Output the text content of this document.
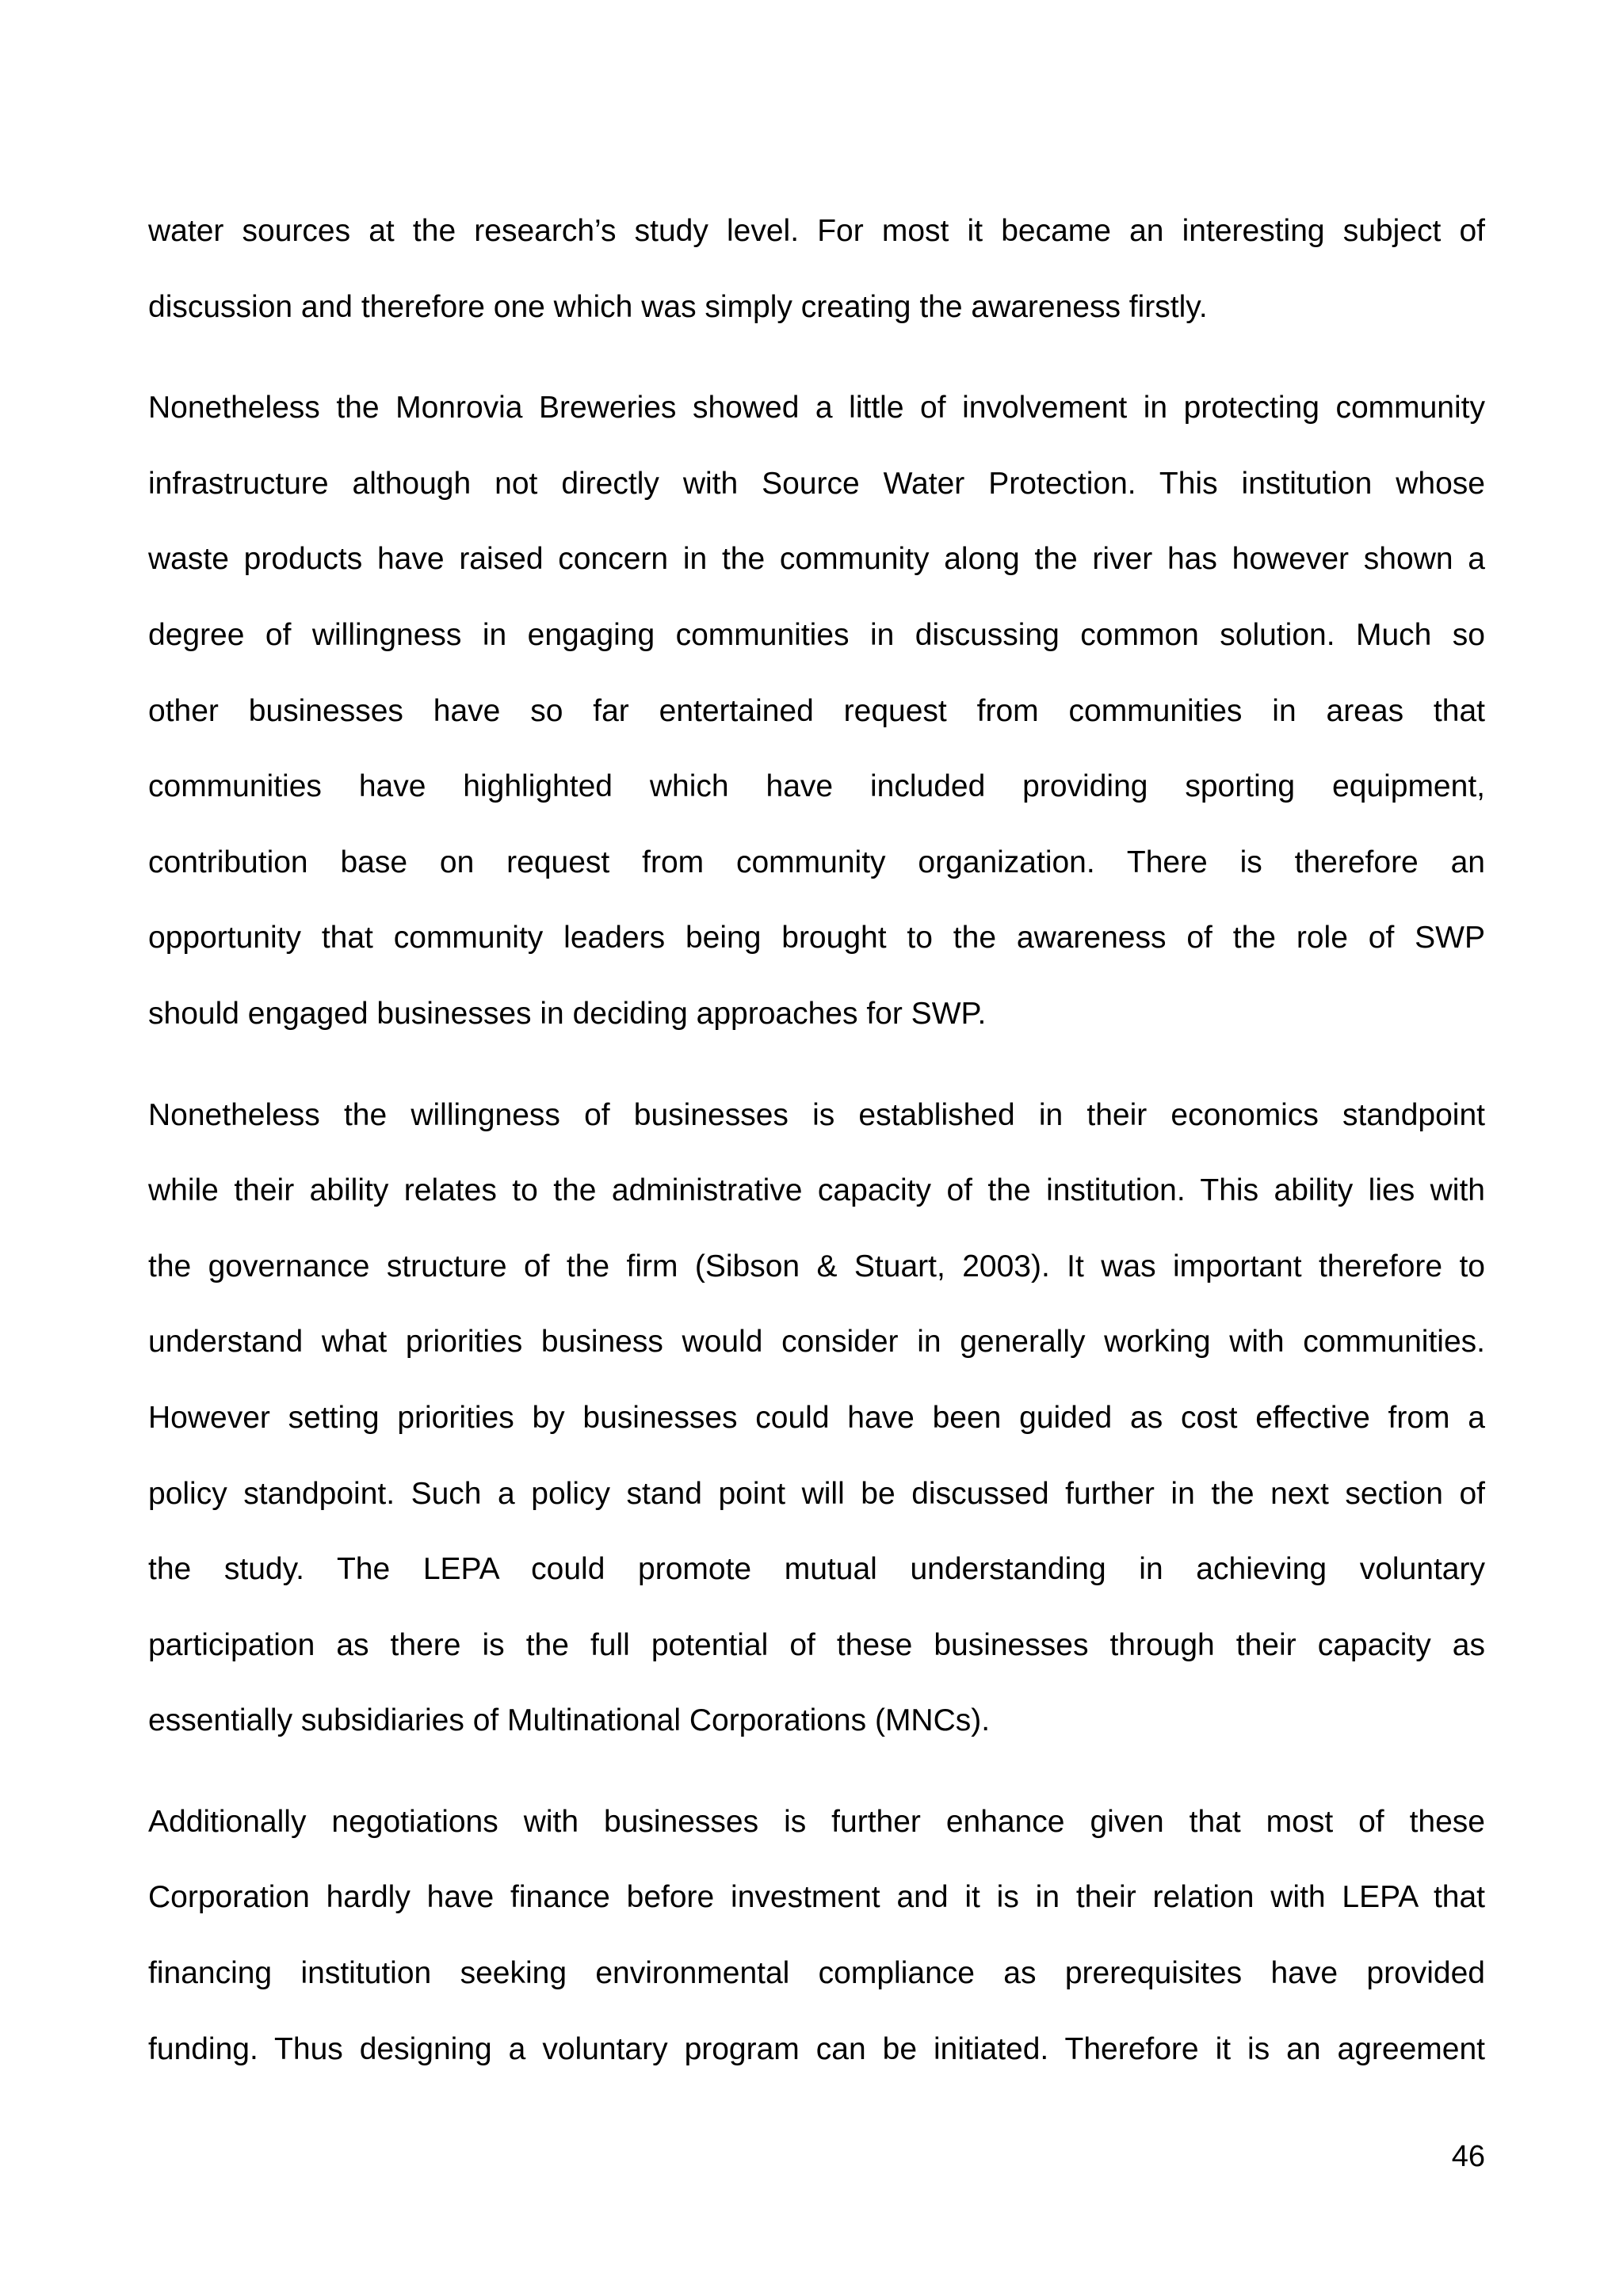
water sources at the research’s study level. For most it became an interesting subject of
discussion and therefore one which was simply creating the awareness firstly.

Nonetheless the Monrovia Breweries showed a little of involvement in protecting community
infrastructure although not directly with Source Water Protection. This institution whose
waste products have raised concern in the community along the river has however shown a
degree of willingness in engaging communities in discussing common solution. Much so
other businesses have so far entertained request from communities in areas that
communities have highlighted which have included providing sporting equipment,
contribution base on request from community organization. There is therefore an
opportunity that community leaders being brought to the awareness of the role of SWP
should engaged businesses in deciding approaches for SWP.

Nonetheless the willingness of businesses is established in their economics standpoint
while their ability relates to the administrative capacity of the institution. This ability lies with
the governance structure of the firm (Sibson & Stuart, 2003). It was important therefore to
understand what priorities business would consider in generally working with communities.
However setting priorities by businesses could have been guided as cost effective from a
policy standpoint. Such a policy stand point will be discussed further in the next section of
the study. The LEPA could promote mutual understanding in achieving voluntary
participation as there is the full potential of these businesses through their capacity as
essentially subsidiaries of Multinational Corporations (MNCs).

Additionally negotiations with businesses is further enhance given that most of these
Corporation hardly have finance before investment and it is in their relation with LEPA that
financing institution seeking environmental compliance as prerequisites have provided
funding. Thus designing a voluntary program can be initiated. Therefore it is an agreement

46
